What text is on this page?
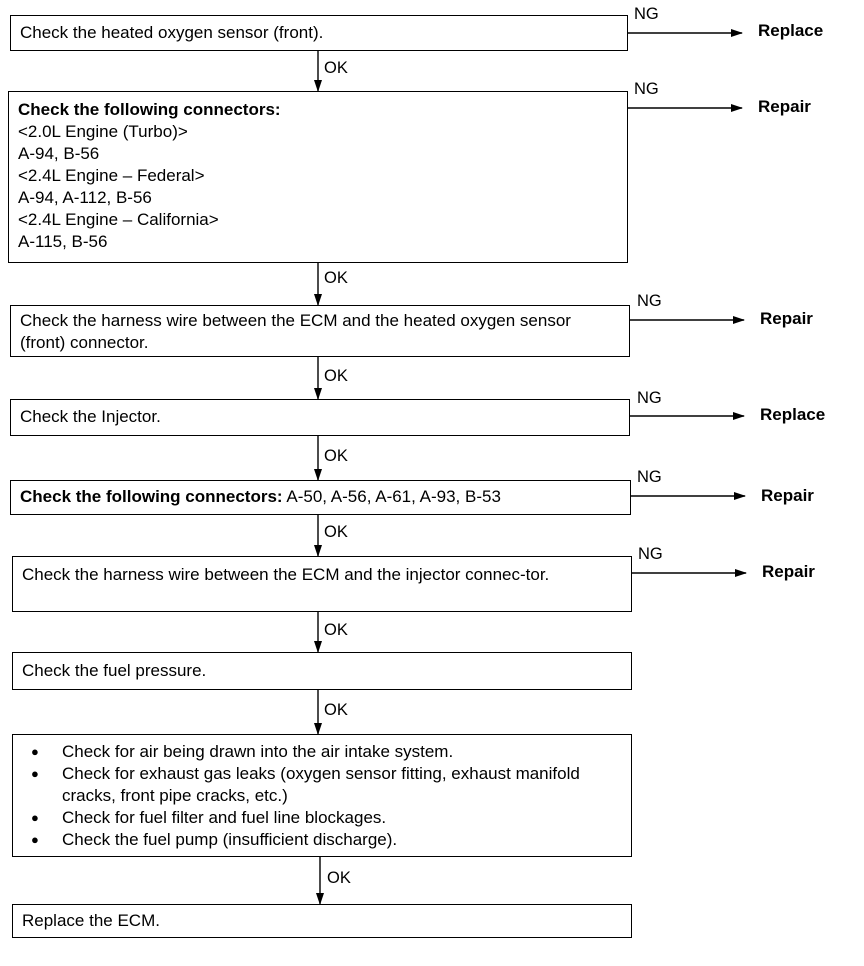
Check the heated oxygen sensor (front).
NG
Replace
OK
Check the following connectors:
<2.0L Engine (Turbo)>
A-94, B-56
<2.4L Engine – Federal>
A-94, A-112, B-56
<2.4L Engine – California>
A-115, B-56
NG
Repair
OK
Check the harness wire between the ECM and the heated oxygen sensor (front) connector.
NG
Repair
OK
Check the Injector.
NG
Replace
OK
Check the following connectors: A-50, A-56, A-61, A-93, B-53
NG
Repair
OK
Check the harness wire between the ECM and the injector connec-tor.
NG
Repair
OK
Check the fuel pressure.
OK
● Check for air being drawn into the air intake system.
● Check for exhaust gas leaks (oxygen sensor fitting, exhaust manifold cracks, front pipe cracks, etc.)
● Check for fuel filter and fuel line blockages.
● Check the fuel pump (insufficient discharge).
OK
Replace the ECM.
